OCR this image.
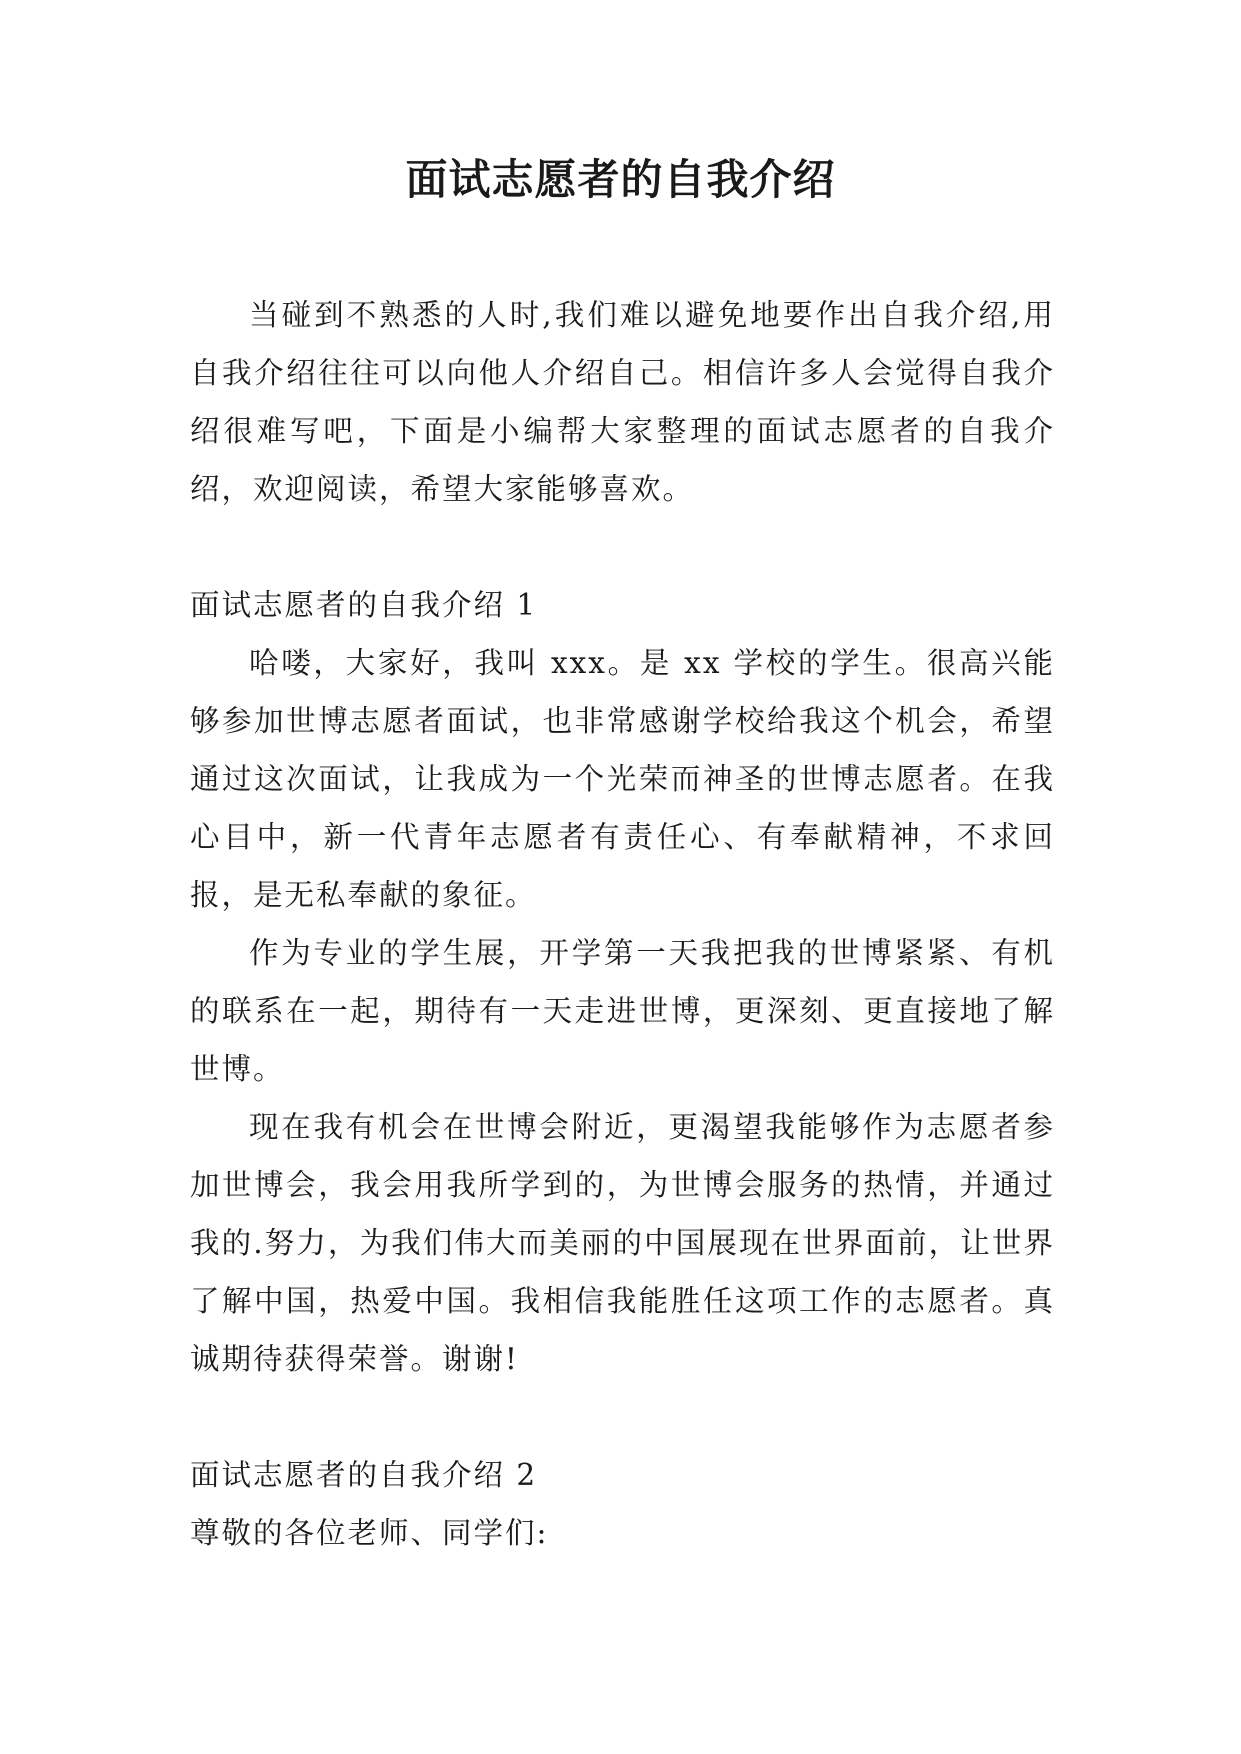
面试志愿者的自我介绍

当碰到不熟悉的人时,我们难以避免地要作出自我介绍,用自我介绍往往可以向他人介绍自己。相信许多人会觉得自我介绍很难写吧，下面是小编帮大家整理的面试志愿者的自我介绍，欢迎阅读，希望大家能够喜欢。

面试志愿者的自我介绍 1

哈喽，大家好，我叫 xxx。是 xx 学校的学生。很高兴能够参加世博志愿者面试，也非常感谢学校给我这个机会，希望通过这次面试，让我成为一个光荣而神圣的世博志愿者。在我心目中，新一代青年志愿者有责任心、有奉献精神，不求回报，是无私奉献的象征。

作为专业的学生展，开学第一天我把我的世博紧紧、有机的联系在一起，期待有一天走进世博，更深刻、更直接地了解世博。

现在我有机会在世博会附近，更渴望我能够作为志愿者参加世博会，我会用我所学到的，为世博会服务的热情，并通过我的.努力，为我们伟大而美丽的中国展现在世界面前，让世界了解中国，热爱中国。我相信我能胜任这项工作的志愿者。真诚期待获得荣誉。谢谢!

面试志愿者的自我介绍 2

尊敬的各位老师、同学们:
